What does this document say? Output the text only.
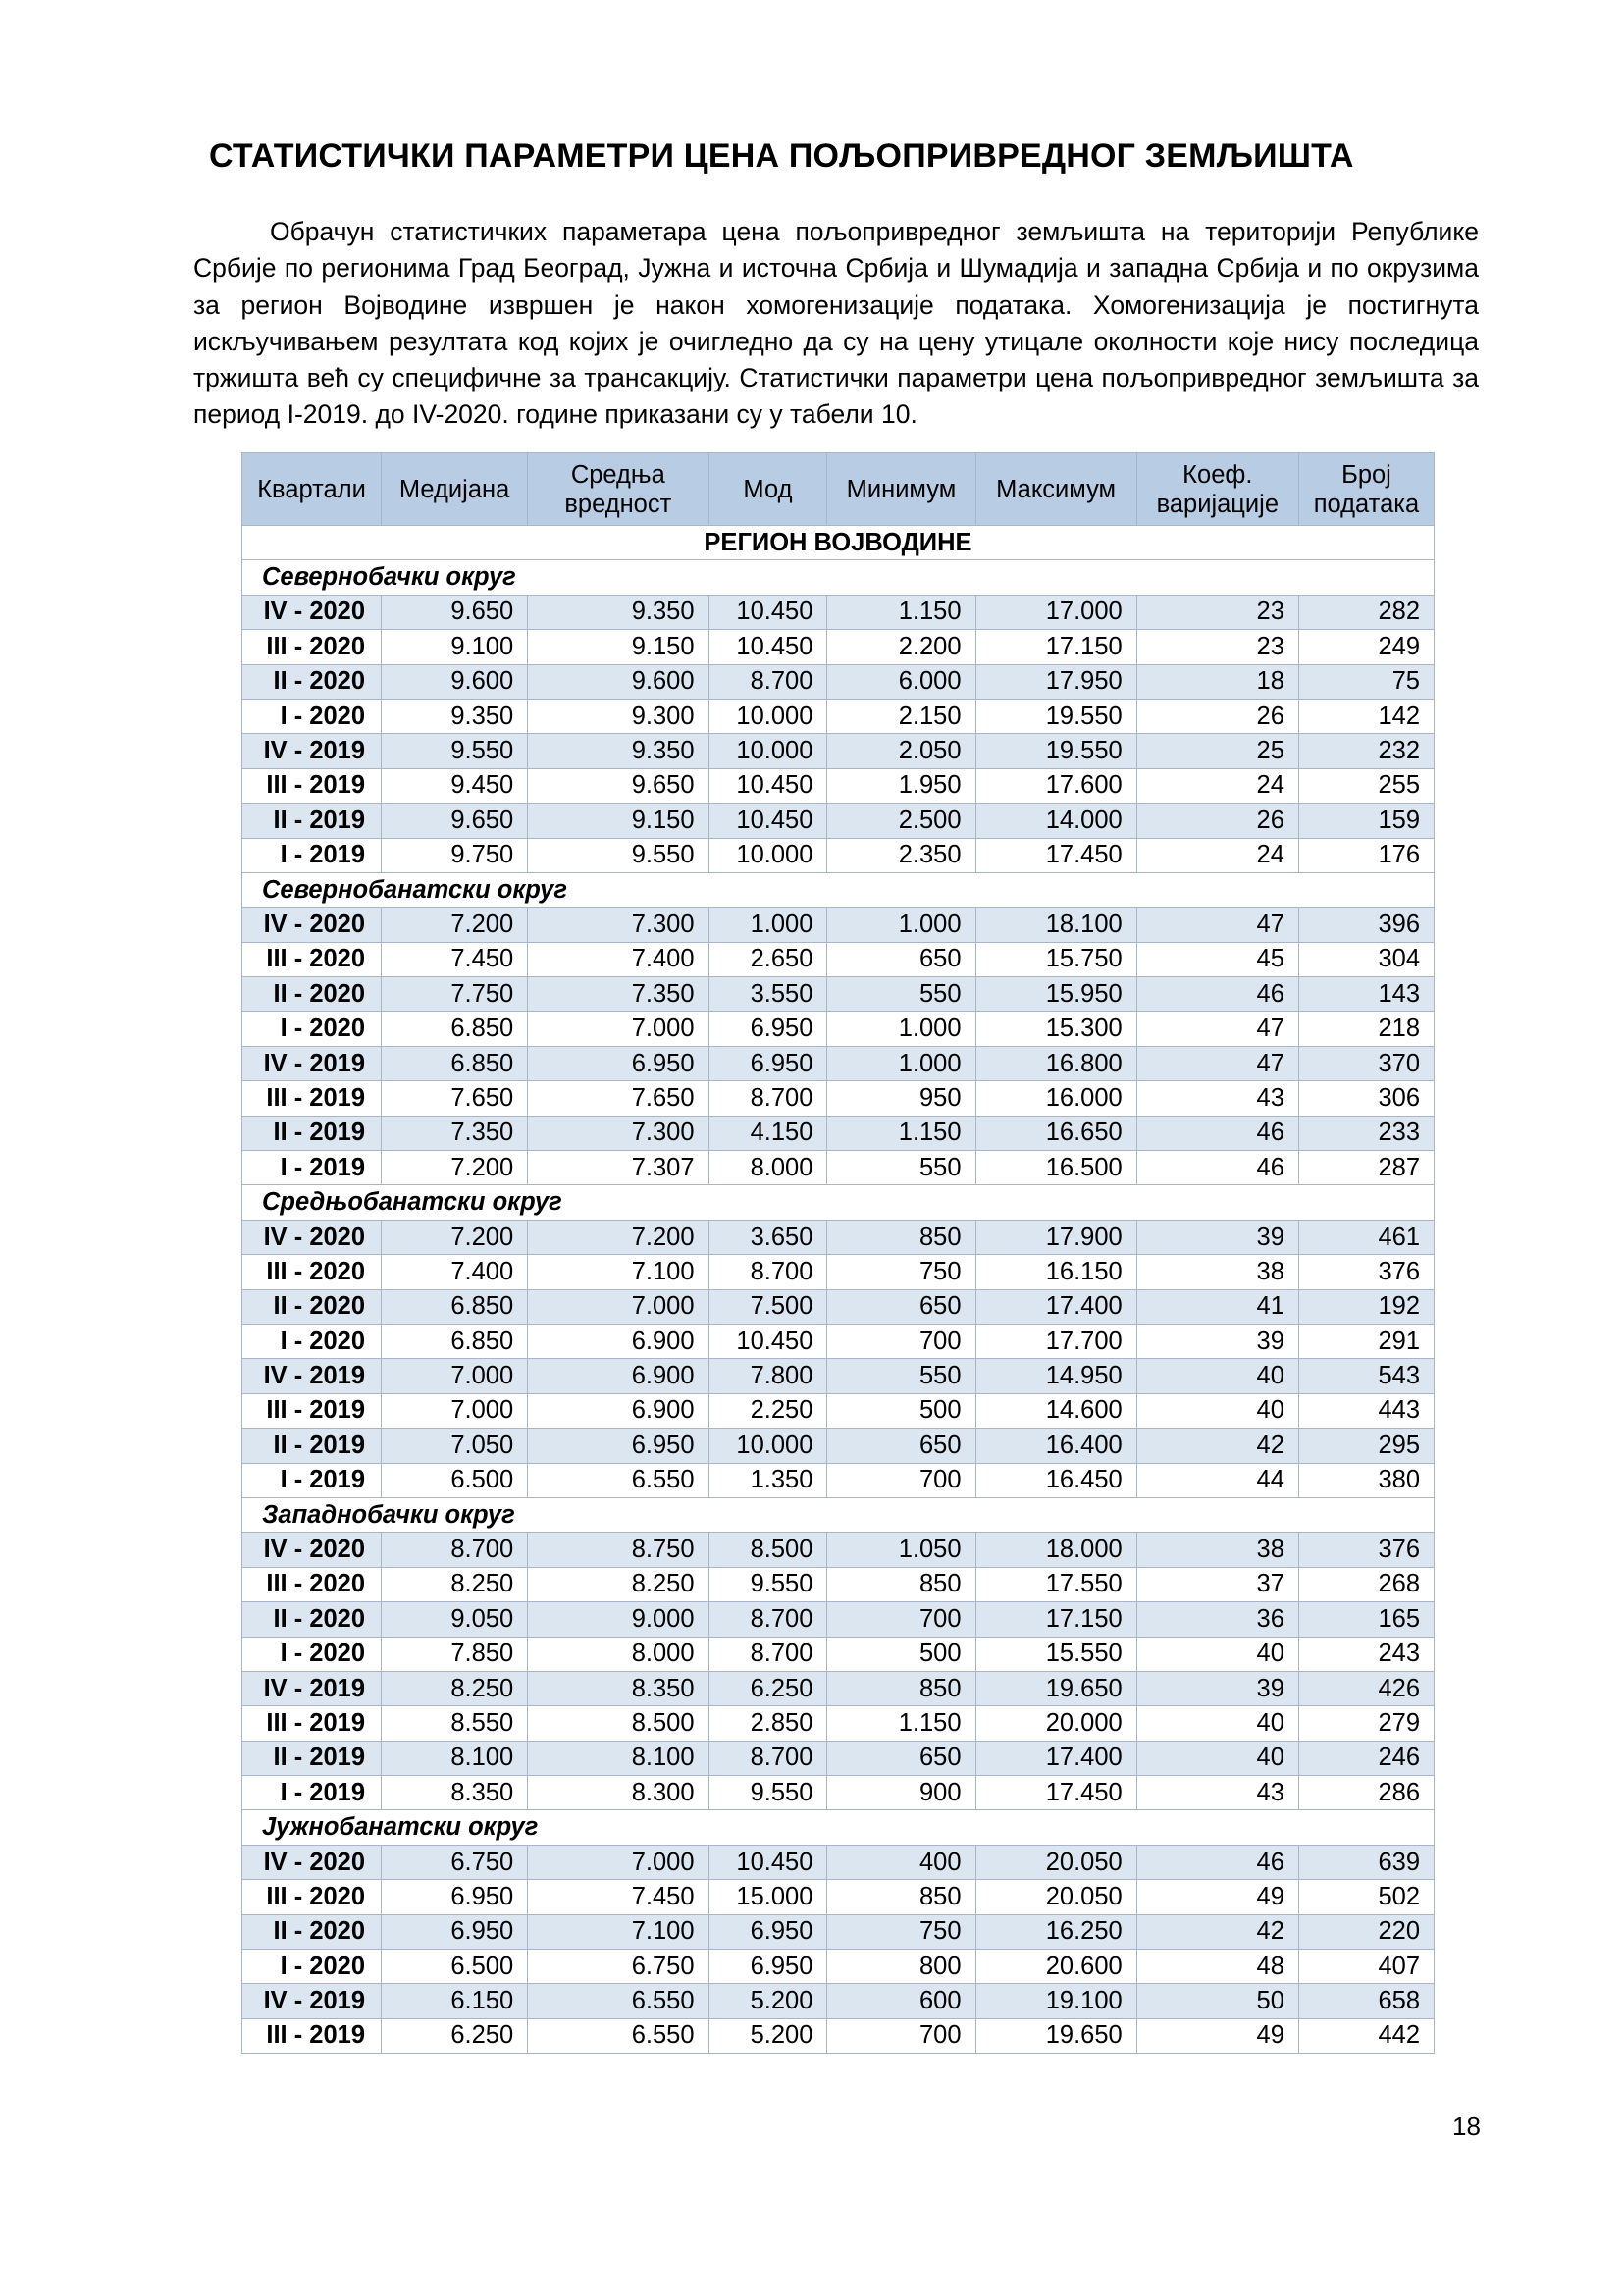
СТАТИСТИЧКИ ПАРАМЕТРИ ЦЕНА ПОЉОПРИВРЕДНОГ ЗЕМЉИШТА

Обрачун статистичких параметара цена пољопривредног земљишта на територији Републике Србије по регионима Град Београд, Јужна и источна Србија и Шумадија и западна Србија и по окрузима за регион Војводине извршен је након хомогенизације података. Хомогенизација је постигнута искључивањем резултата код којих је очигледно да су на цену утицале околности које нису последица тржишта већ су специфичне за трансакцију. Статистички параметри цена пољопривредног земљишта за период I-2019. до IV-2020. године приказани су у табели 10.

Квартали	Медијана	Средња вредност	Мод	Минимум	Максимум	Коеф. варијације	Број података
РЕГИОН ВОЈВОДИНЕ							
Севернобачки округ							
IV - 2020	9.650	9.350	10.450	1.150	17.000	23	282
III - 2020	9.100	9.150	10.450	2.200	17.150	23	249
II - 2020	9.600	9.600	8.700	6.000	17.950	18	75
I - 2020	9.350	9.300	10.000	2.150	19.550	26	142
IV - 2019	9.550	9.350	10.000	2.050	19.550	25	232
III - 2019	9.450	9.650	10.450	1.950	17.600	24	255
II - 2019	9.650	9.150	10.450	2.500	14.000	26	159
I - 2019	9.750	9.550	10.000	2.350	17.450	24	176
Севернобанатски округ							
IV - 2020	7.200	7.300	1.000	1.000	18.100	47	396
III - 2020	7.450	7.400	2.650	650	15.750	45	304
II - 2020	7.750	7.350	3.550	550	15.950	46	143
I - 2020	6.850	7.000	6.950	1.000	15.300	47	218
IV - 2019	6.850	6.950	6.950	1.000	16.800	47	370
III - 2019	7.650	7.650	8.700	950	16.000	43	306
II - 2019	7.350	7.300	4.150	1.150	16.650	46	233
I - 2019	7.200	7.307	8.000	550	16.500	46	287
Средњобанатски округ							
IV - 2020	7.200	7.200	3.650	850	17.900	39	461
III - 2020	7.400	7.100	8.700	750	16.150	38	376
II - 2020	6.850	7.000	7.500	650	17.400	41	192
I - 2020	6.850	6.900	10.450	700	17.700	39	291
IV - 2019	7.000	6.900	7.800	550	14.950	40	543
III - 2019	7.000	6.900	2.250	500	14.600	40	443
II - 2019	7.050	6.950	10.000	650	16.400	42	295
I - 2019	6.500	6.550	1.350	700	16.450	44	380
Западнобачки округ							
IV - 2020	8.700	8.750	8.500	1.050	18.000	38	376
III - 2020	8.250	8.250	9.550	850	17.550	37	268
II - 2020	9.050	9.000	8.700	700	17.150	36	165
I - 2020	7.850	8.000	8.700	500	15.550	40	243
IV - 2019	8.250	8.350	6.250	850	19.650	39	426
III - 2019	8.550	8.500	2.850	1.150	20.000	40	279
II - 2019	8.100	8.100	8.700	650	17.400	40	246
I - 2019	8.350	8.300	9.550	900	17.450	43	286
Јужнобанатски округ							
IV - 2020	6.750	7.000	10.450	400	20.050	46	639
III - 2020	6.950	7.450	15.000	850	20.050	49	502
II - 2020	6.950	7.100	6.950	750	16.250	42	220
I - 2020	6.500	6.750	6.950	800	20.600	48	407
IV - 2019	6.150	6.550	5.200	600	19.100	50	658
III - 2019	6.250	6.550	5.200	700	19.650	49	442
18
